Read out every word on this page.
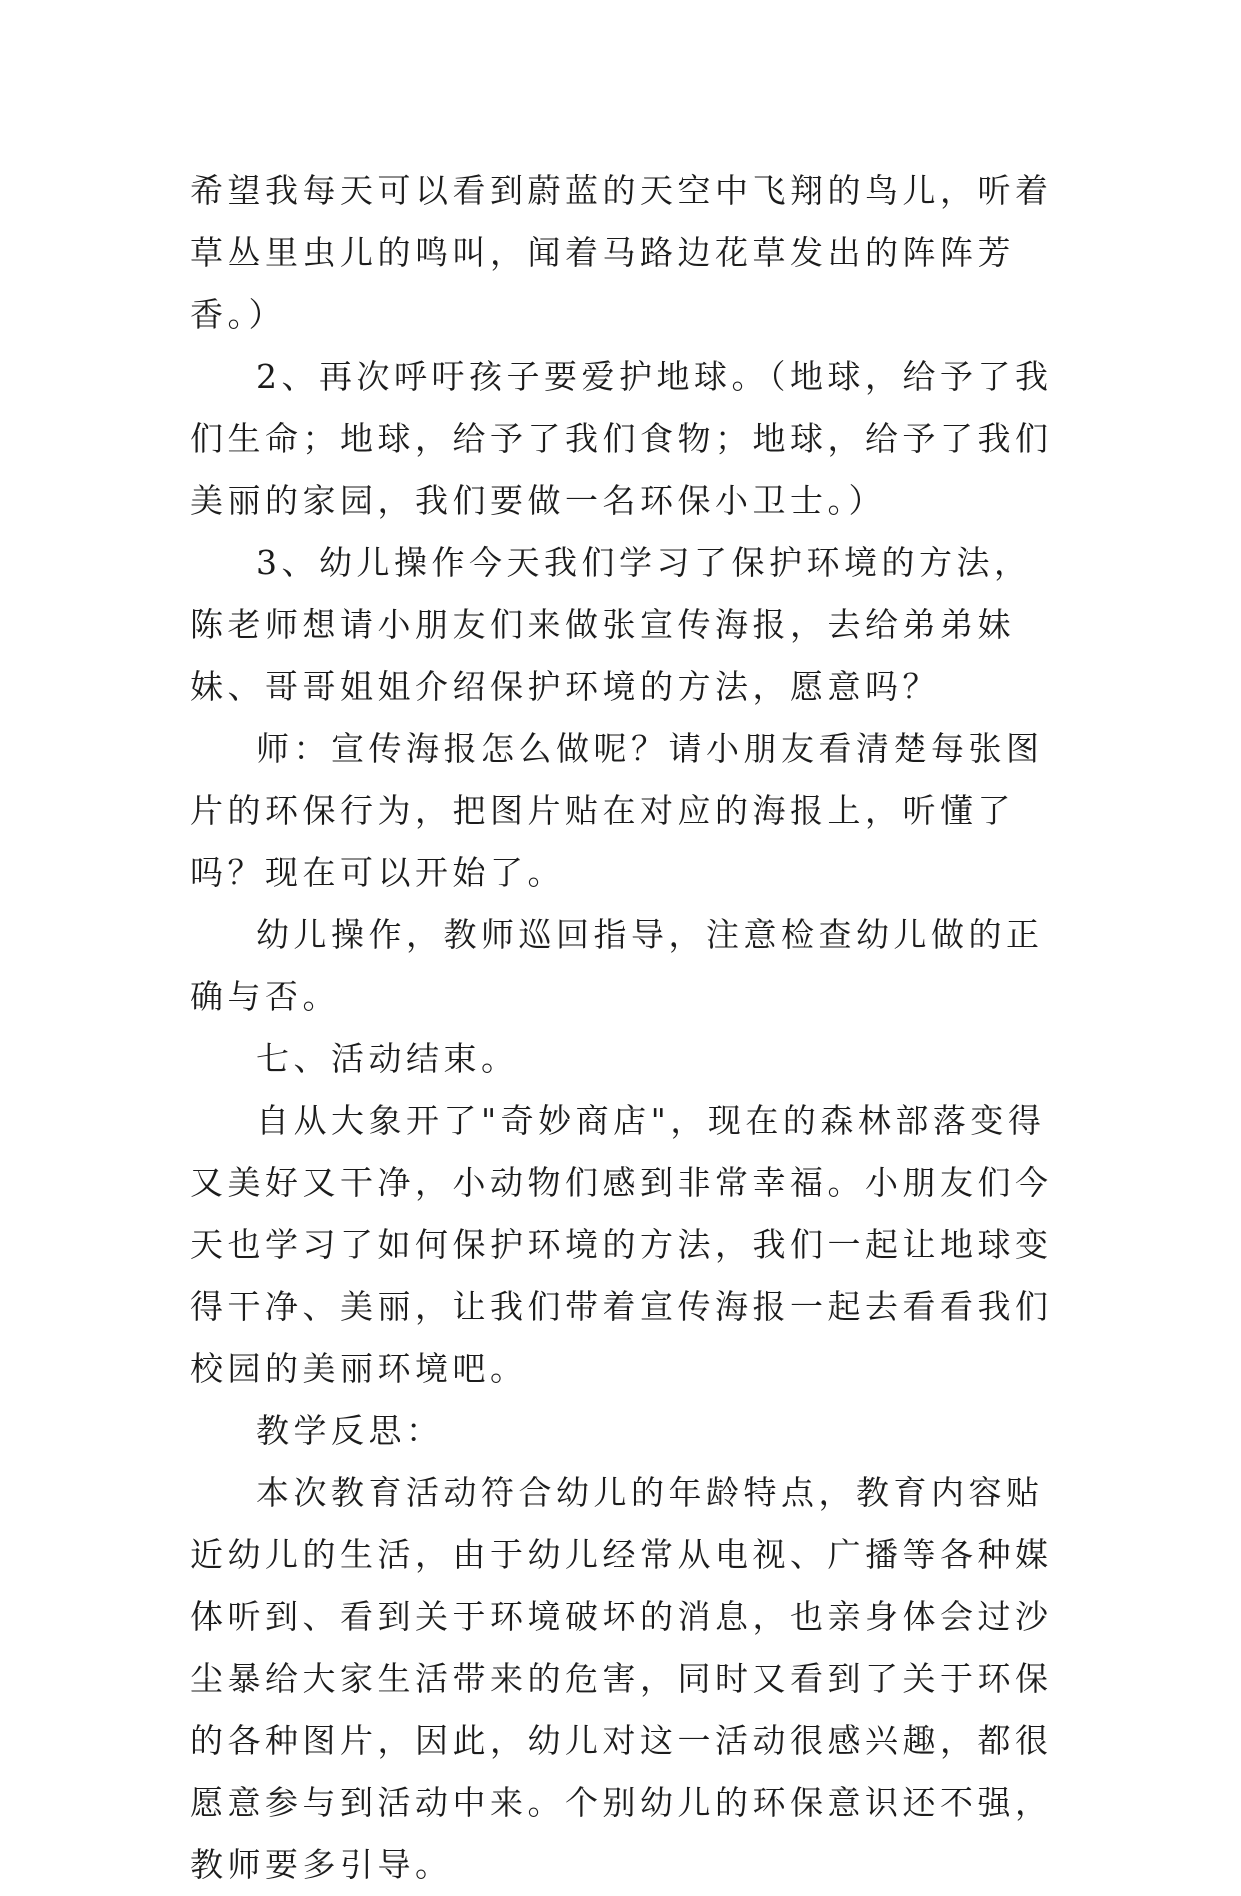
希望我每天可以看到蔚蓝的天空中飞翔的鸟儿，听着草丛里虫儿的鸣叫，闻着马路边花草发出的阵阵芳香。）

2、再次呼吁孩子要爱护地球。（地球，给予了我们生命；地球，给予了我们食物；地球，给予了我们美丽的家园，我们要做一名环保小卫士。）

3、幼儿操作今天我们学习了保护环境的方法，陈老师想请小朋友们来做张宣传海报，去给弟弟妹妹、哥哥姐姐介绍保护环境的方法，愿意吗？

师：宣传海报怎么做呢？请小朋友看清楚每张图片的环保行为，把图片贴在对应的海报上，听懂了吗？现在可以开始了。

幼儿操作，教师巡回指导，注意检查幼儿做的正确与否。

七、活动结束。

自从大象开了"奇妙商店"，现在的森林部落变得又美好又干净，小动物们感到非常幸福。小朋友们今天也学习了如何保护环境的方法，我们一起让地球变得干净、美丽，让我们带着宣传海报一起去看看我们校园的美丽环境吧。

教学反思：

本次教育活动符合幼儿的年龄特点，教育内容贴近幼儿的生活，由于幼儿经常从电视、广播等各种媒体听到、看到关于环境破坏的消息，也亲身体会过沙尘暴给大家生活带来的危害，同时又看到了关于环保的各种图片，因此，幼儿对这一活动很感兴趣，都很愿意参与到活动中来。个别幼儿的环保意识还不强，教师要多引导。
